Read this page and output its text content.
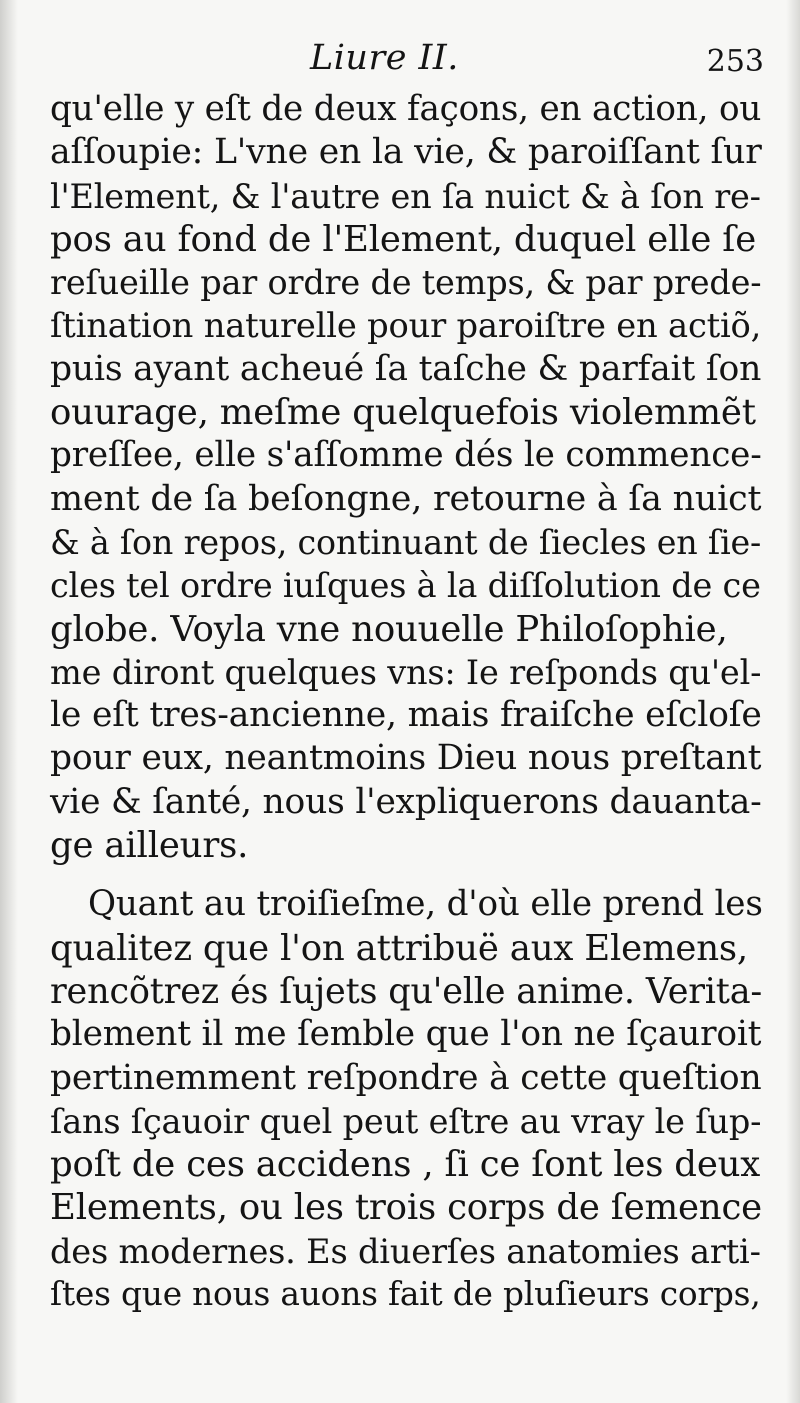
Liure II.	253
qu'elle y eſt de deux façons, en action, ou
aſſoupie: L'vne en la vie, & paroiſſant ſur
l'Element, & l'autre en ſa nuict & à ſon re-
pos au fond de l'Element, duquel elle ſe
reſueille par ordre de temps, & par prede-
ſtination naturelle pour paroiſtre en actiõ,
puis ayant acheué ſa taſche & parfait ſon
ouurage, meſme quelquefois violemmẽt
preſſee, elle s'aſſomme dés le commence-
ment de ſa beſongne, retourne à ſa nuict
& à ſon repos, continuant de ſiecles en ſie-
cles tel ordre iuſques à la diſſolution de ce
globe. Voyla vne nouuelle Philoſophie,
me diront quelques vns: Ie reſponds qu'el-
le eſt tres-ancienne, mais fraiſche eſcloſe
pour eux, neantmoins Dieu nous preſtant
vie & ſanté, nous l'expliquerons dauanta-
ge ailleurs.
Quant au troiſieſme, d'où elle prend les
qualitez que l'on attribuë aux Elemens,
rencõtrez és ſujets qu'elle anime. Verita-
blement il me ſemble que l'on ne ſçauroit
pertinemment reſpondre à cette queſtion
ſans ſçauoir quel peut eſtre au vray le ſup-
poſt de ces accidens , ſi ce ſont les deux
Elements, ou les trois corps de ſemence
des modernes. Es diuerſes anatomies arti-
ſtes que nous auons fait de pluſieurs corps,
